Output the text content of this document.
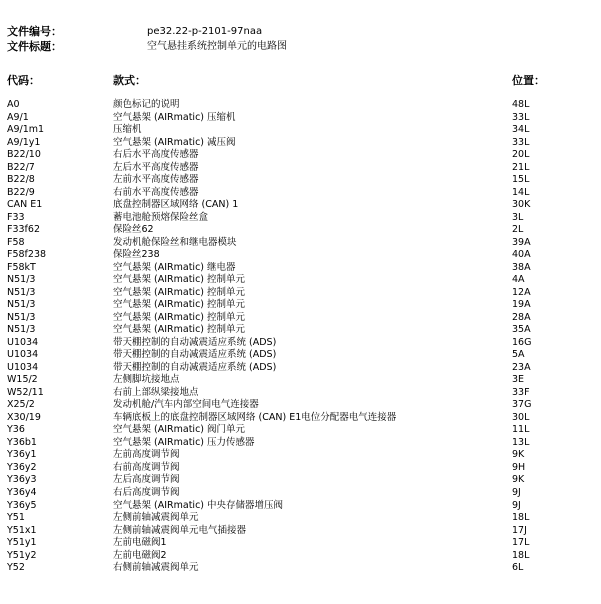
文件编号：	pe32.22-p-2101-97naa
文件标题：	空气悬挂系统控制单元的电路图
代码：	款式：	位置：
A0	颜色标记的说明	48L
A9/1	空气悬架 (AIRmatic) 压缩机	33L
A9/1m1	压缩机	34L
A9/1y1	空气悬架 (AIRmatic) 减压阀	33L
B22/10	右后水平高度传感器	20L
B22/7	左后水平高度传感器	21L
B22/8	左前水平高度传感器	15L
B22/9	右前水平高度传感器	14L
CAN E1	底盘控制器区域网络 (CAN) 1	30K
F33	蓄电池舱预熔保险丝盒	3L
F33f62	保险丝62	2L
F58	发动机舱保险丝和继电器模块	39A
F58f238	保险丝238	40A
F58kT	空气悬架 (AIRmatic) 继电器	38A
N51/3	空气悬架 (AIRmatic) 控制单元	4A
N51/3	空气悬架 (AIRmatic) 控制单元	12A
N51/3	空气悬架 (AIRmatic) 控制单元	19A
N51/3	空气悬架 (AIRmatic) 控制单元	28A
N51/3	空气悬架 (AIRmatic) 控制单元	35A
U1034	带天棚控制的自动减震适应系统 (ADS)	16G
U1034	带天棚控制的自动减震适应系统 (ADS)	5A
U1034	带天棚控制的自动减震适应系统 (ADS)	23A
W15/2	左侧脚坑接地点	3E
W52/11	右前上部纵梁接地点	33F
X25/2	发动机舱/汽车内部空间电气连接器	37G
X30/19	车辆底板上的底盘控制器区域网络 (CAN) E1电位分配器电气连接器	30L
Y36	空气悬架 (AIRmatic) 阀门单元	11L
Y36b1	空气悬架 (AIRmatic) 压力传感器	13L
Y36y1	左前高度调节阀	9K
Y36y2	右前高度调节阀	9H
Y36y3	左后高度调节阀	9K
Y36y4	右后高度调节阀	9J
Y36y5	空气悬架 (AIRmatic) 中央存储器增压阀	9J
Y51	左侧前轴减震阀单元	18L
Y51x1	左侧前轴减震阀单元电气插接器	17J
Y51y1	左前电磁阀1	17L
Y51y2	左前电磁阀2	18L
Y52	右侧前轴减震阀单元	6L
